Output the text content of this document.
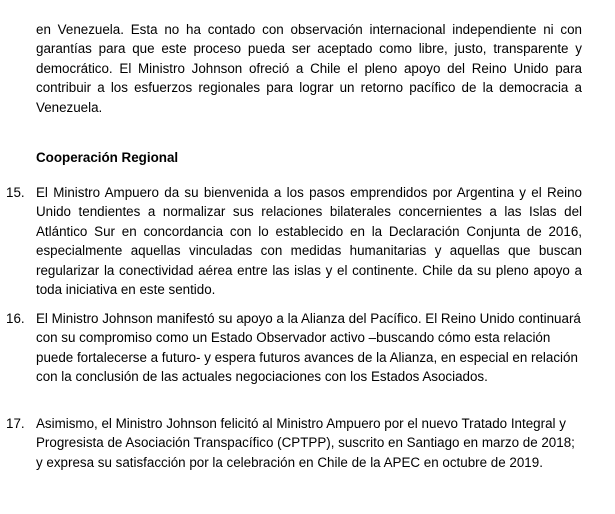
en Venezuela. Esta no ha contado con observación internacional independiente ni con garantías para que este proceso pueda ser aceptado como libre, justo, transparente y democrático. El Ministro Johnson ofreció a Chile el pleno apoyo del Reino Unido para contribuir a los esfuerzos regionales para lograr un retorno pacífico de la democracia a Venezuela.

Cooperación Regional

15. El Ministro Ampuero da su bienvenida a los pasos emprendidos por Argentina y el Reino Unido tendientes a normalizar sus relaciones bilaterales concernientes a las Islas del Atlántico Sur en concordancia con lo establecido en la Declaración Conjunta de 2016, especialmente aquellas vinculadas con medidas humanitarias y aquellas que buscan regularizar la conectividad aérea entre las islas y el continente. Chile da su pleno apoyo a toda iniciativa en este sentido.
16. El Ministro Johnson manifestó su apoyo a la Alianza del Pacífico. El Reino Unido continuará con su compromiso como un Estado Observador activo –buscando cómo esta relación puede fortalecerse a futuro- y espera futuros avances de la Alianza, en especial en relación con la conclusión de las actuales negociaciones con los Estados Asociados.
17. Asimismo, el Ministro Johnson felicitó al Ministro Ampuero por el nuevo Tratado Integral y Progresista de Asociación Transpacífico (CPTPP), suscrito en Santiago en marzo de 2018; y expresa su satisfacción por la celebración en Chile de la APEC en octubre de 2019.
